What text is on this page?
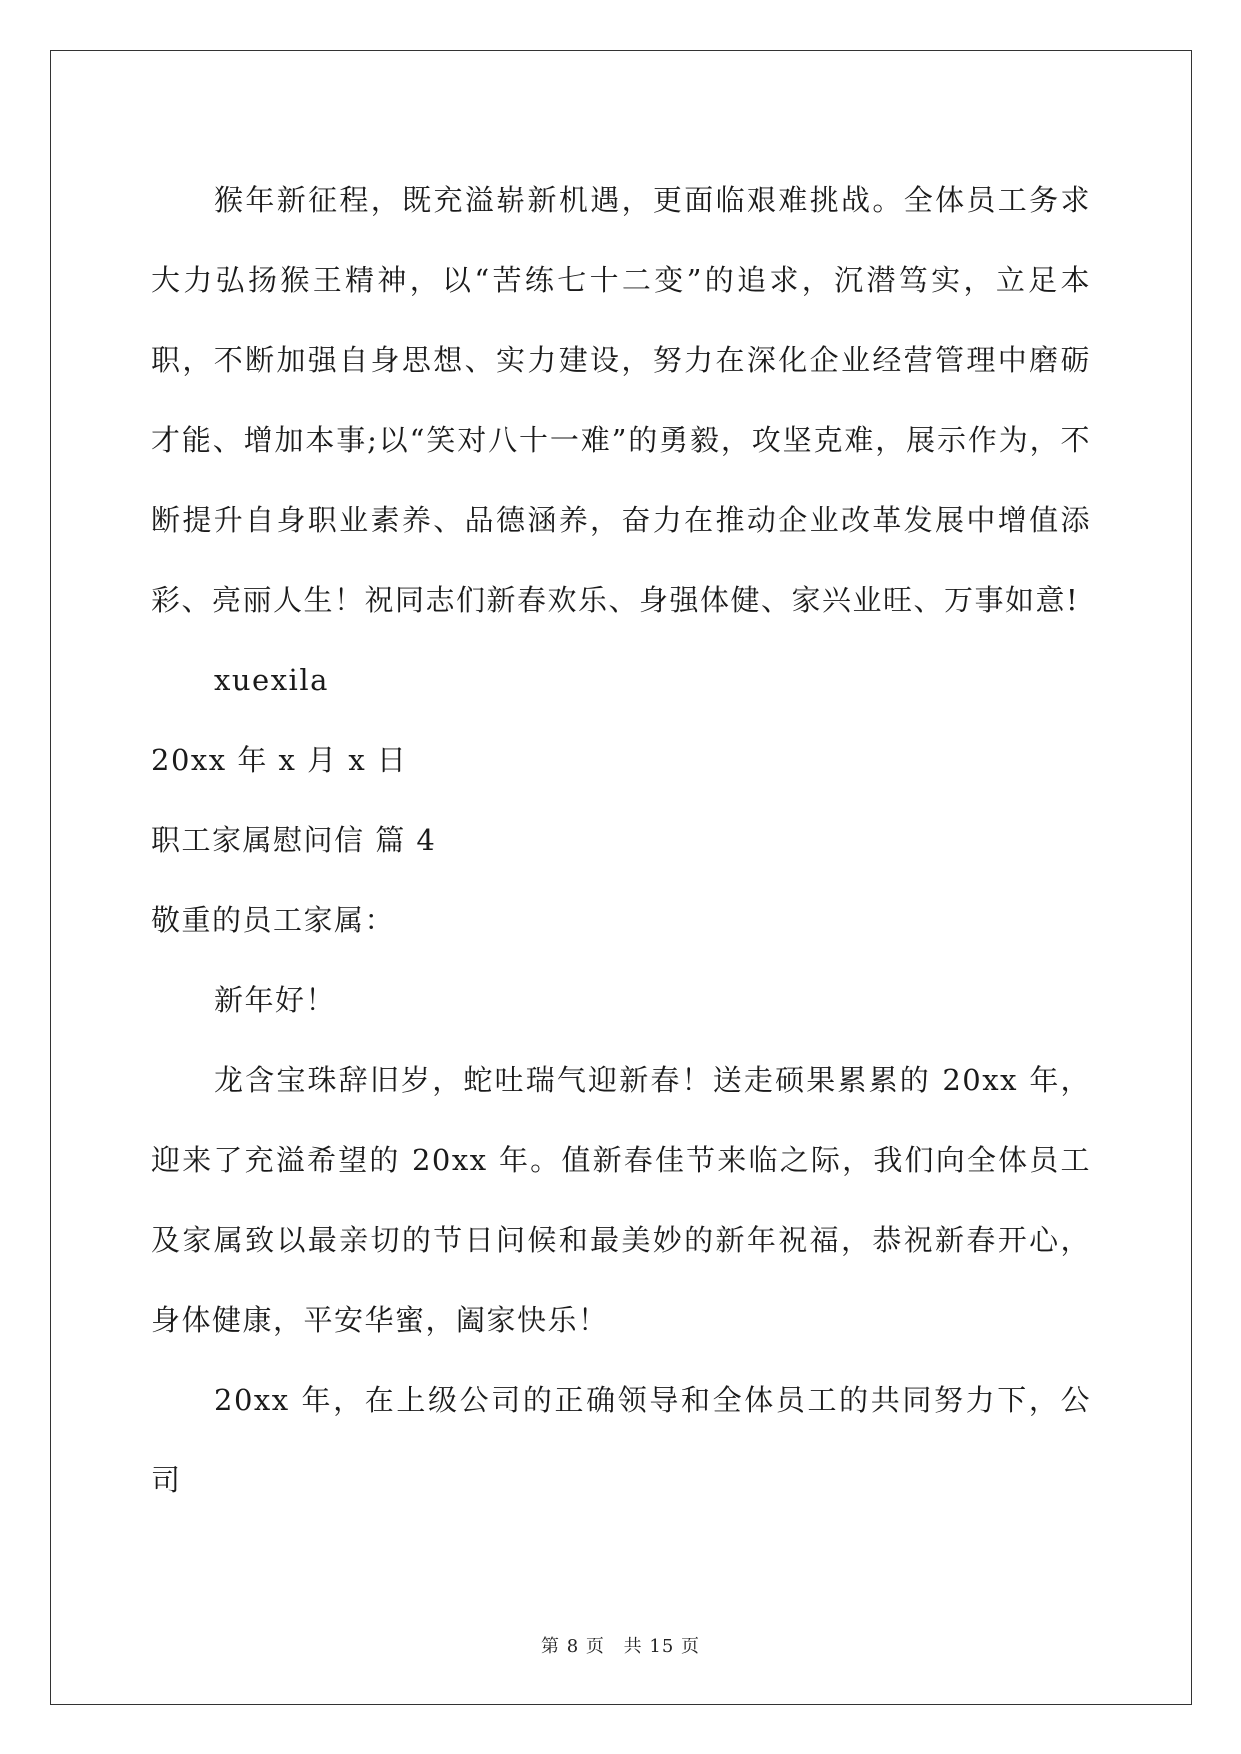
猴年新征程，既充溢崭新机遇，更面临艰难挑战。全体员工务求大力弘扬猴王精神，以“苦练七十二变”的追求，沉潜笃实，立足本职，不断加强自身思想、实力建设，努力在深化企业经营管理中磨砺才能、增加本事;以“笑对八十一难”的勇毅，攻坚克难，展示作为，不断提升自身职业素养、品德涵养，奋力在推动企业改革发展中增值添彩、亮丽人生！祝同志们新春欢乐、身强体健、家兴业旺、万事如意!

xuexila

20xx 年 x 月 x 日

职工家属慰问信 篇 4

敬重的员工家属：

新年好！

龙含宝珠辞旧岁，蛇吐瑞气迎新春！送走硕果累累的 20xx 年，迎来了充溢希望的 20xx 年。值新春佳节来临之际，我们向全体员工及家属致以最亲切的节日问候和最美妙的新年祝福，恭祝新春开心，身体健康，平安华蜜，阖家快乐！

20xx 年，在上级公司的正确领导和全体员工的共同努力下，公司

第 8 页 共 15 页
